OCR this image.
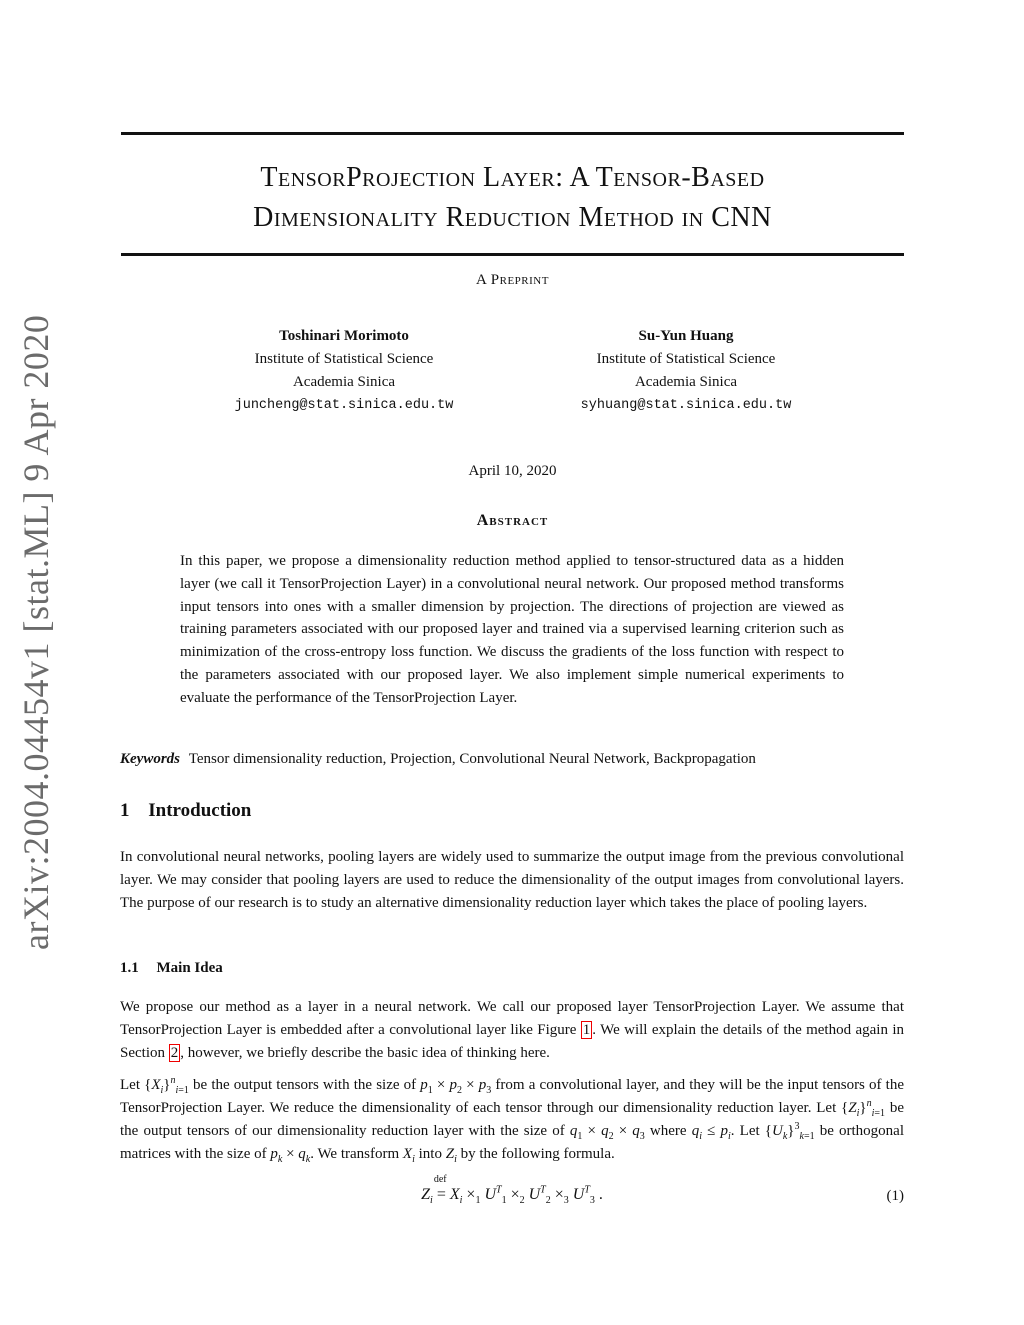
arXiv:2004.04454v1 [stat.ML] 9 Apr 2020
TensorProjection Layer: A Tensor-Based
Dimensionality Reduction Method in CNN
A Preprint
Toshinari Morimoto
Institute of Statistical Science
Academia Sinica
juncheng@stat.sinica.edu.tw
Su-Yun Huang
Institute of Statistical Science
Academia Sinica
syhuang@stat.sinica.edu.tw
April 10, 2020
Abstract
In this paper, we propose a dimensionality reduction method applied to tensor-structured data as a hidden layer (we call it TensorProjection Layer) in a convolutional neural network. Our proposed method transforms input tensors into ones with a smaller dimension by projection. The directions of projection are viewed as training parameters associated with our proposed layer and trained via a supervised learning criterion such as minimization of the cross-entropy loss function. We discuss the gradients of the loss function with respect to the parameters associated with our proposed layer. We also implement simple numerical experiments to evaluate the performance of the TensorProjection Layer.
Keywords Tensor dimensionality reduction, Projection, Convolutional Neural Network, Backpropagation
1 Introduction
In convolutional neural networks, pooling layers are widely used to summarize the output image from the previous convolutional layer. We may consider that pooling layers are used to reduce the dimensionality of the output images from convolutional layers. The purpose of our research is to study an alternative dimensionality reduction layer which takes the place of pooling layers.
1.1 Main Idea
We propose our method as a layer in a neural network. We call our proposed layer TensorProjection Layer. We assume that TensorProjection Layer is embedded after a convolutional layer like Figure 1 . We will explain the details of the method again in Section 2 , however, we briefly describe the basic idea of thinking here.
Let $\{X_i\}^n_{i=1}$ be the output tensors with the size of $p_1 \times p_2 \times p_3$ from a convolutional layer, and they will be the input tensors of the TensorProjection Layer. We reduce the dimensionality of each tensor through our dimensionality reduction layer. Let $\{Z_i\}^n_{i=1}$ be the output tensors of our dimensionality reduction layer with the size of $q_1 \times q_2 \times q_3$ where $q_i \le p_i$. Let $\{U_k\}^3_{k=1}$ be orthogonal matrices with the size of $p_k \times q_k$. We transform $X_i$ into $Z_i$ by the following formula.
$Z_i$
def
= $X_i \times_1$ $U^T_1 \times_2$ $U^T_2 \times_3$ $U^T_3$ .	(1)
